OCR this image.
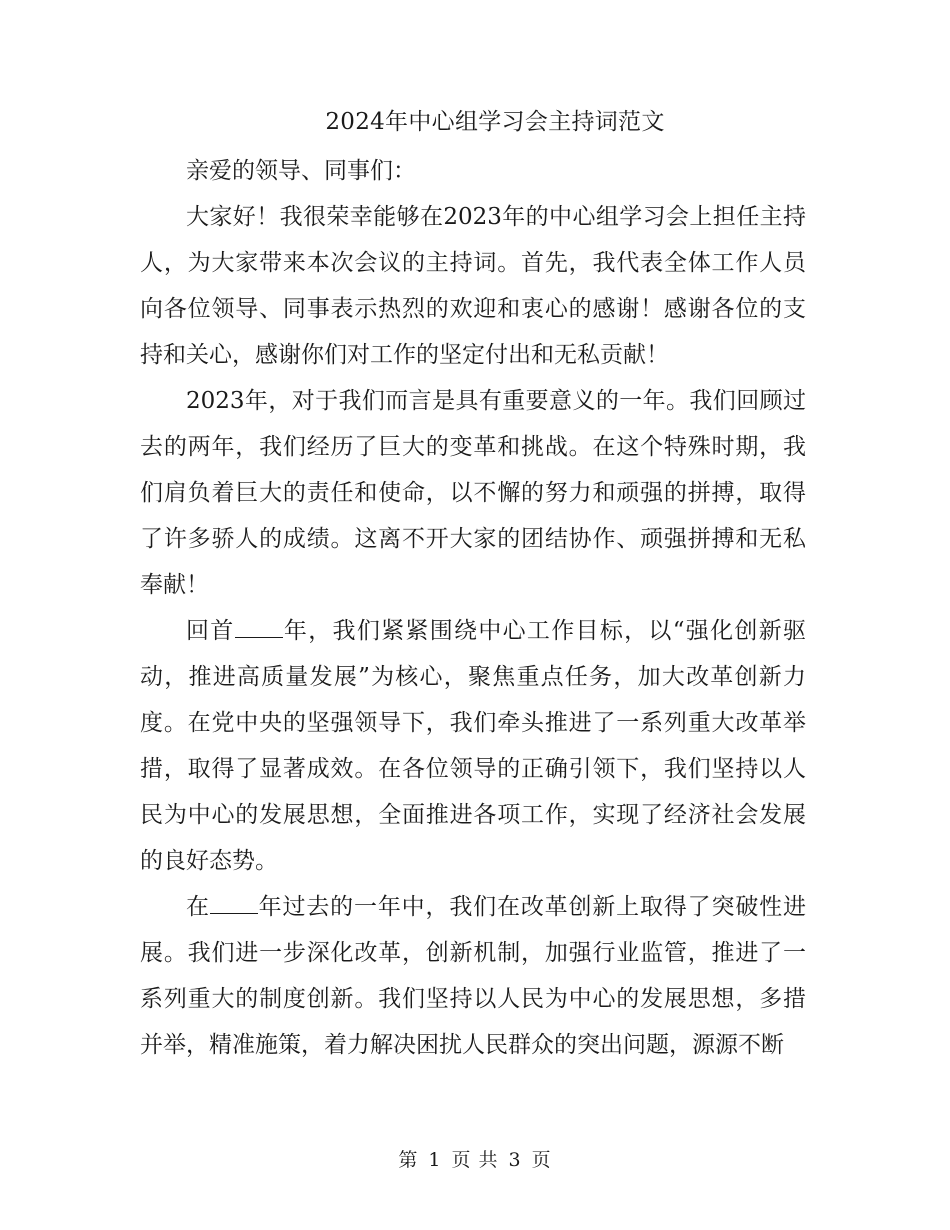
2024年中心组学习会主持词范文

亲爱的领导、同事们：

大家好！我很荣幸能够在2023年的中心组学习会上担任主持人，为大家带来本次会议的主持词。首先，我代表全体工作人员向各位领导、同事表示热烈的欢迎和衷心的感谢！感谢各位的支持和关心，感谢你们对工作的坚定付出和无私贡献！

2023年，对于我们而言是具有重要意义的一年。我们回顾过去的两年，我们经历了巨大的变革和挑战。在这个特殊时期，我们肩负着巨大的责任和使命，以不懈的努力和顽强的拼搏，取得了许多骄人的成绩。这离不开大家的团结协作、顽强拼搏和无私奉献！

回首 年，我们紧紧围绕中心工作目标，以“强化创新驱动，推进高质量发展”为核心，聚焦重点任务，加大改革创新力度。在党中央的坚强领导下，我们牵头推进了一系列重大改革举措，取得了显著成效。在各位领导的正确引领下，我们坚持以人民为中心的发展思想，全面推进各项工作，实现了经济社会发展的良好态势。

在 年过去的一年中，我们在改革创新上取得了突破性进展。我们进一步深化改革，创新机制，加强行业监管，推进了一系列重大的制度创新。我们坚持以人民为中心的发展思想，多措并举，精准施策，着力解决困扰人民群众的突出问题，源源不断

第 1 页 共 3 页
